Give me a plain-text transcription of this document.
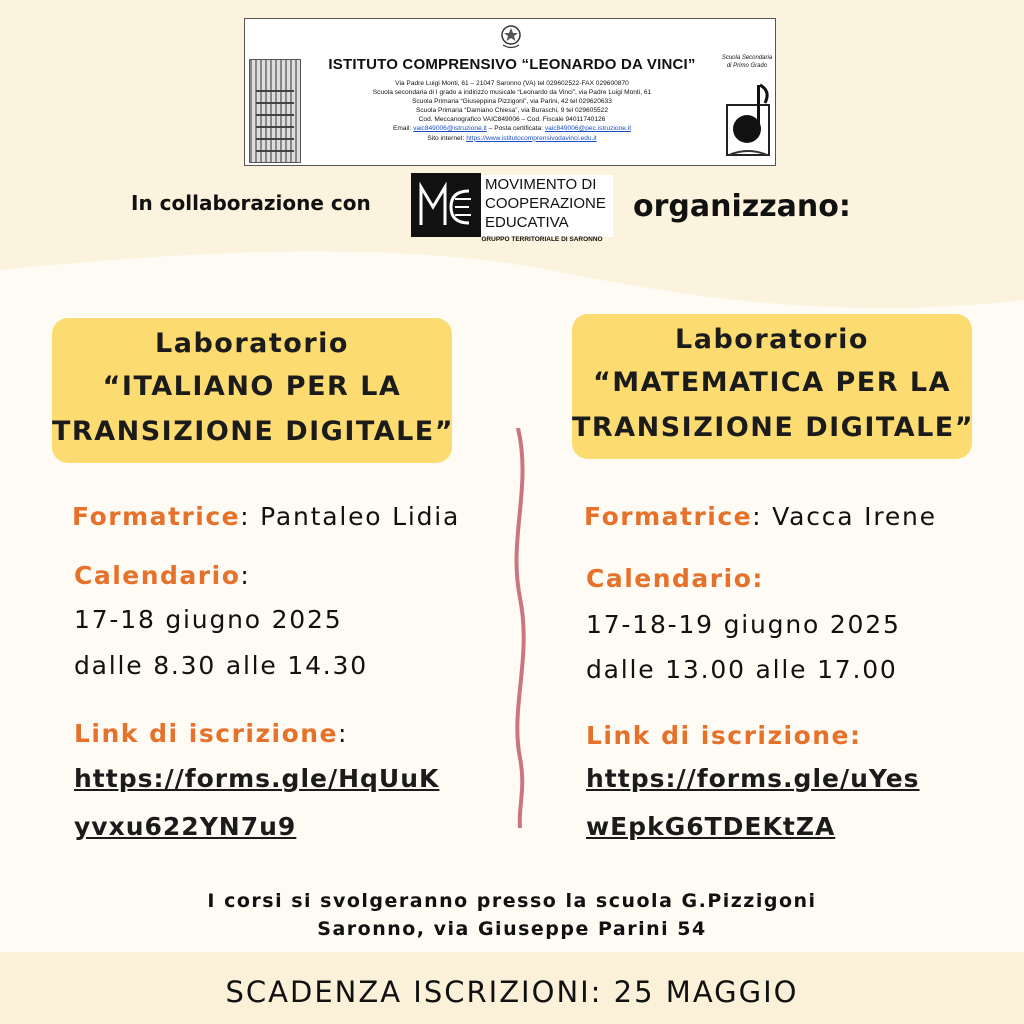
ISTITUTO COMPRENSIVO “LEONARDO DA VINCI”
Via Padre Luigi Monti, 61 – 21047 Saronno (VA) tel 029602522-FAX 029600870
Scuola secondaria di I grado a indirizzo musicale “Leonardo da Vinci”, via Padre Luigi Monti, 61
Scuola Primaria “Giuseppina Pizzigoni”, via Parini, 42 tel 029620633
Scuola Primaria “Damiano Chiesa”, via Buraschi, 9 tel 029605522
Cod. Meccanografico VAIC849006 – Cod. Fiscale 94011740126
Email: vaic849006@istruzione.it – Posta certificata: vaic849006@pec.istruzione.it
Sito internet: https://www.istitutocomprensivodavinci.edu.it
Scuola Secondaria
di Primo Grado
In collaborazione con
MOVIMENTO DI
COOPERAZIONE
EDUCATIVA
GRUPPO TERRITORIALE DI SARONNO
organizzano:
Laboratorio
“ITALIANO PER LA
TRANSIZIONE DIGITALE”
Laboratorio
“MATEMATICA PER LA
TRANSIZIONE DIGITALE”
Formatrice: Pantaleo Lidia
Calendario:
17-18 giugno 2025
dalle 8.30 alle 14.30
Link di iscrizione:
https://forms.gle/HqUuK
yvxu622YN7u9
Formatrice: Vacca Irene
Calendario:
17-18-19 giugno 2025
dalle 13.00 alle 17.00
Link di iscrizione:
https://forms.gle/uYes
wEpkG6TDEKtZA
I corsi si svolgeranno presso la scuola G.Pizzigoni
Saronno, via Giuseppe Parini 54
SCADENZA ISCRIZIONI: 25 MAGGIO
